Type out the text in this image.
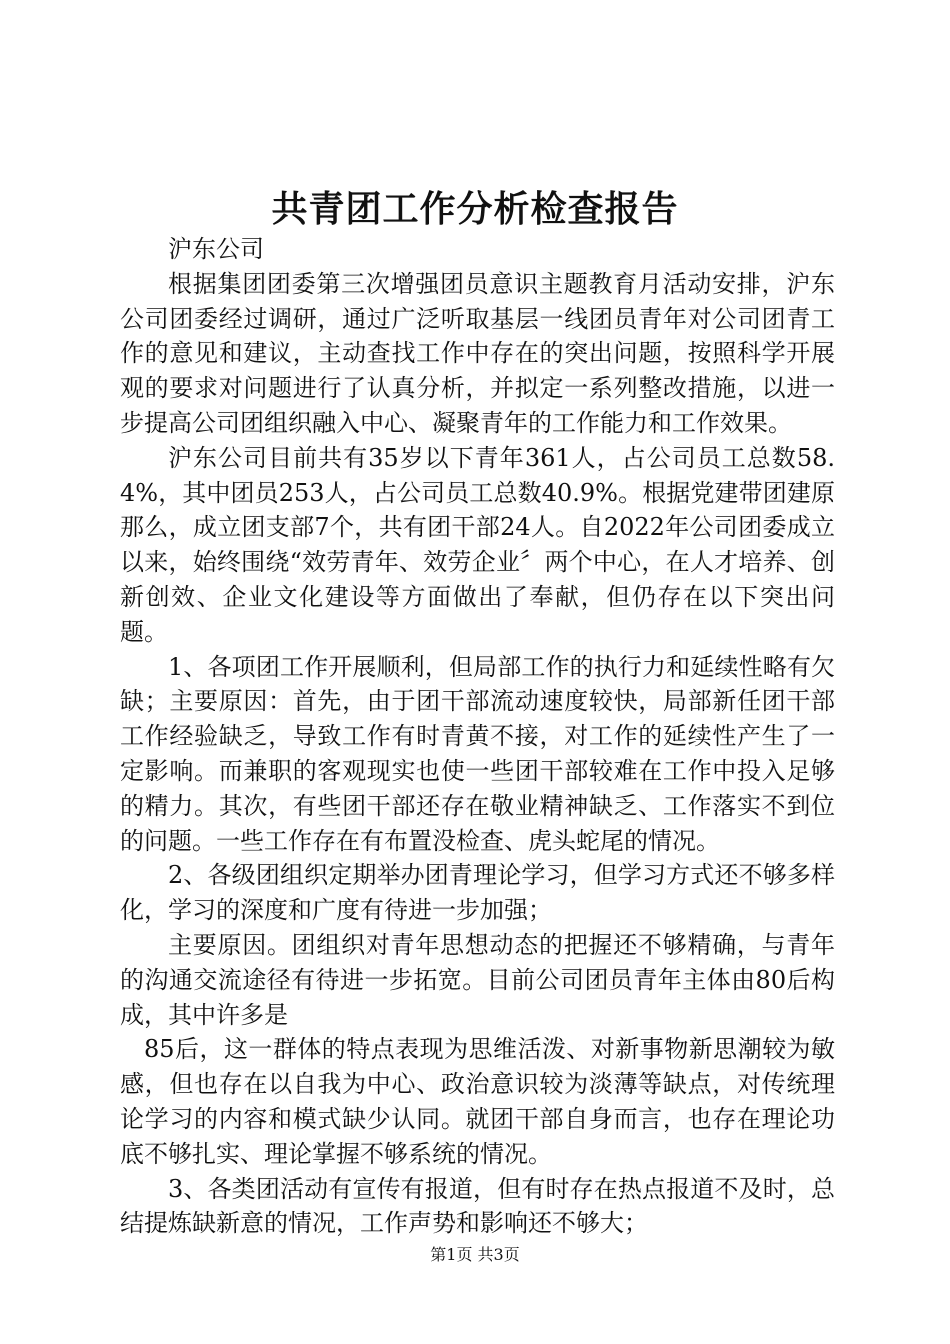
共青团工作分析检查报告

沪东公司

根据集团团委第三次增强团员意识主题教育月活动安排，沪东公司团委经过调研，通过广泛听取基层一线团员青年对公司团青工作的意见和建议，主动查找工作中存在的突出问题，按照科学开展观的要求对问题进行了认真分析，并拟定一系列整改措施，以进一步提高公司团组织融入中心、凝聚青年的工作能力和工作效果。

沪东公司目前共有35岁以下青年361人，占公司员工总数58.4%，其中团员253人，占公司员工总数40.9%。根据党建带团建原那么，成立团支部7个，共有团干部24人。自2022年公司团委成立以来，始终围绕“效劳青年、效劳企业〞两个中心，在人才培养、创新创效、企业文化建设等方面做出了奉献，但仍存在以下突出问题。

1、各项团工作开展顺利，但局部工作的执行力和延续性略有欠缺；主要原因：首先，由于团干部流动速度较快，局部新任团干部工作经验缺乏，导致工作有时青黄不接，对工作的延续性产生了一定影响。而兼职的客观现实也使一些团干部较难在工作中投入足够的精力。其次，有些团干部还存在敬业精神缺乏、工作落实不到位的问题。一些工作存在有布置没检查、虎头蛇尾的情况。

2、各级团组织定期举办团青理论学习，但学习方式还不够多样化，学习的深度和广度有待进一步加强；

主要原因。团组织对青年思想动态的把握还不够精确，与青年的沟通交流途径有待进一步拓宽。目前公司团员青年主体由80后构成，其中许多是

85后，这一群体的特点表现为思维活泼、对新事物新思潮较为敏感，但也存在以自我为中心、政治意识较为淡薄等缺点，对传统理论学习的内容和模式缺少认同。就团干部自身而言，也存在理论功底不够扎实、理论掌握不够系统的情况。

3、各类团活动有宣传有报道，但有时存在热点报道不及时，总结提炼缺新意的情况，工作声势和影响还不够大；

第1页 共3页
